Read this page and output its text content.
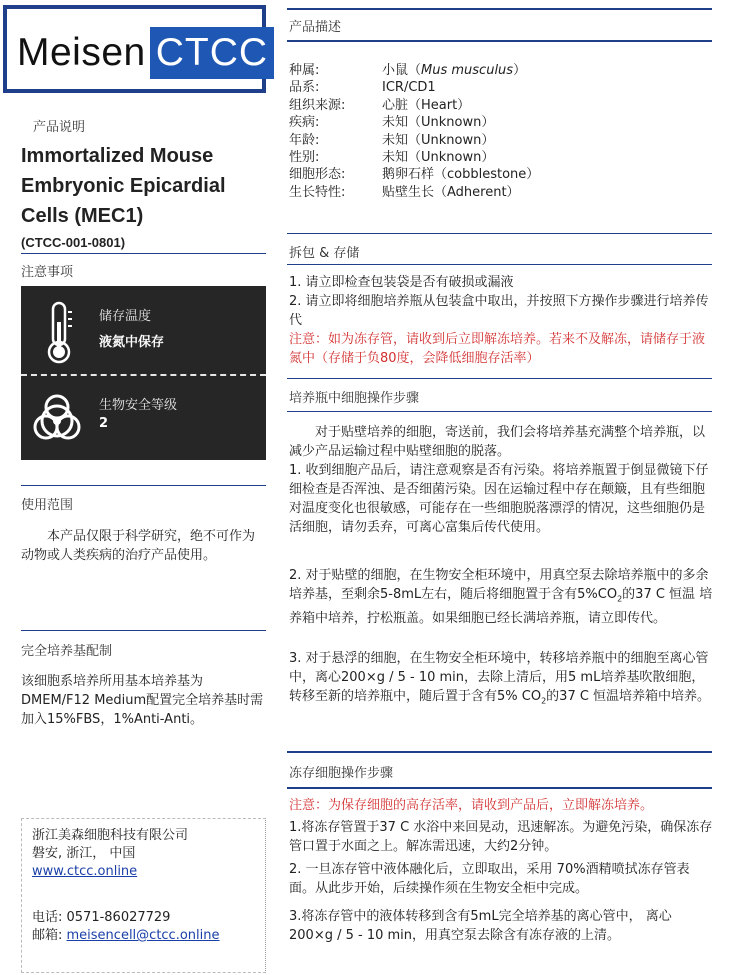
Meisen CTCC
产品说明
Immortalized Mouse
Embryonic Epicardial
Cells (MEC1)
(CTCC-001-0801)
注意事项
储存温度
液氮中保存
生物安全等级
2
使用范围
本产品仅限于科学研究，绝不可作为动物或人类疾病的治疗产品使用。
完全培养基配制
该细胞系培养所用基本培养基为DMEM/F12 Medium配置完全培养基时需加入15%FBS，1%Anti-Anti。
浙江美森细胞科技有限公司
磐安, 浙江， 中国
www.ctcc.online
电话: 0571-86027729
邮箱: meisencell@ctcc.online
产品描述
种属:	小鼠（Mus musculus）
品系:	ICR/CD1
组织来源:	心脏（Heart）
疾病:	未知（Unknown）
年龄:	未知（Unknown）
性别:	未知（Unknown）
细胞形态:	鹅卵石样（cobblestone）
生长特性:	贴壁生长（Adherent）
拆包 & 存储
1. 请立即检查包装袋是否有破损或漏液
2. 请立即将细胞培养瓶从包装盒中取出，并按照下方操作步骤进行培养传代
注意：如为冻存管，请收到后立即解冻培养。若来不及解冻，请储存于液氮中（存储于负80度，会降低细胞存活率）
培养瓶中细胞操作步骤
对于贴壁培养的细胞，寄送前，我们会将培养基充满整个培养瓶，以减少产品运输过程中贴壁细胞的脱落。
1. 收到细胞产品后，请注意观察是否有污染。将培养瓶置于倒显微镜下仔细检查是否浑浊、是否细菌污染。因在运输过程中存在颠簸，且有些细胞对温度变化也很敏感，可能存在一些细胞脱落漂浮的情况，这些细胞仍是活细胞，请勿丢弃，可离心富集后传代使用。
2. 对于贴壁的细胞，在生物安全柜环境中，用真空泵去除培养瓶中的多余培养基，至剩余5-8mL左右，随后将细胞置于含有$5\%CO_2$的37 C 恒温 培养箱中培养，拧松瓶盖。如果细胞已经长满培养瓶，请立即传代。
3. 对于悬浮的细胞，在生物安全柜环境中，转移培养瓶中的细胞至离心管中，离心200×g / 5 - 10 min，去除上清后，用5 mL培养基吹散细胞，转移至新的培养瓶中，随后置于含有5% $CO_2$的37 C 恒温培养箱中培养。
冻存细胞操作步骤
注意：为保存细胞的高存活率，请收到产品后，立即解冻培养。
1.将冻存管置于37 C 水浴中来回晃动，迅速解冻。为避免污染，确保冻存管口置于水面之上。解冻需迅速，大约2分钟。
2. 一旦冻存管中液体融化后，立即取出，采用 70%酒精喷拭冻存管表面。从此步开始，后续操作须在生物安全柜中完成。
3.将冻存管中的液体转移到含有5mL完全培养基的离心管中， 离心200×g / 5 - 10 min，用真空泵去除含有冻存液的上清。
